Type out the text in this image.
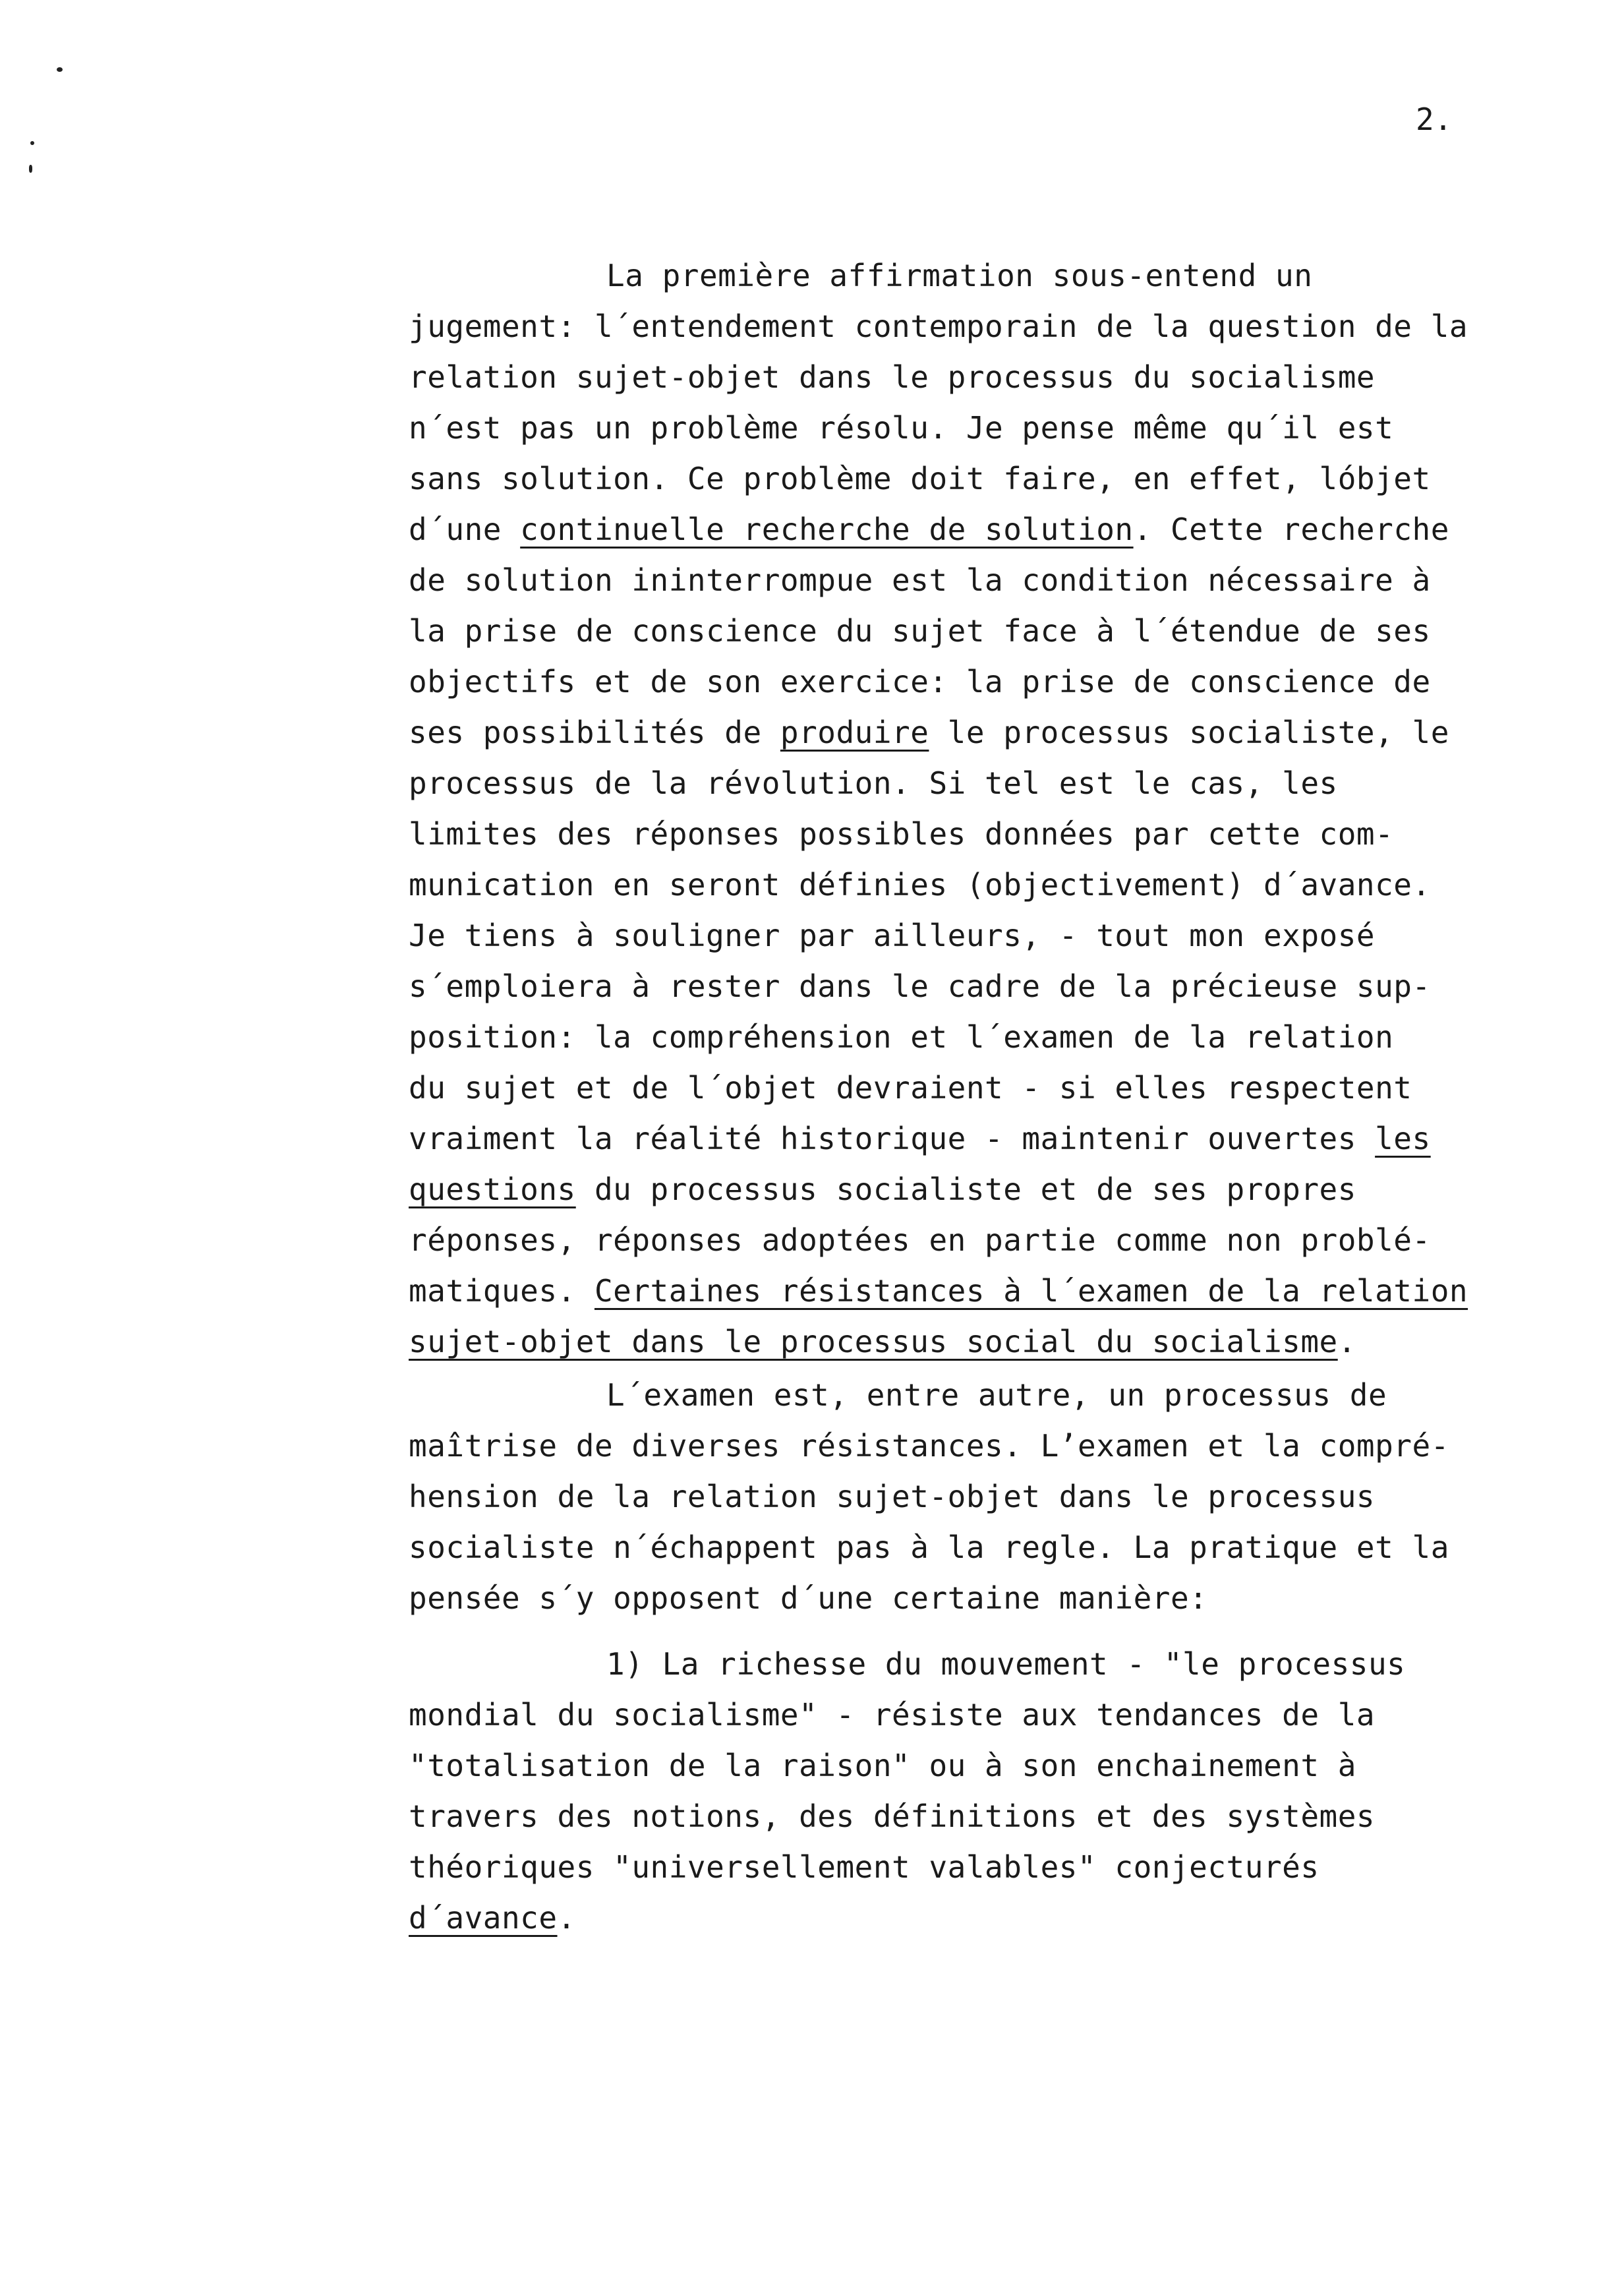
2.
La première affirmation sous-entend un
jugement: l´entendement contemporain de la question de la
relation sujet-objet dans le processus du socialisme
n´est pas un problème résolu. Je pense même qu´il est
sans solution. Ce problème doit faire, en effet, lóbjet
d´une continuelle recherche de solution. Cette recherche
de solution ininterrompue est la condition nécessaire à
la prise de conscience du sujet face à l´étendue de ses
objectifs et de son exercice: la prise de conscience de
ses possibilités de produire le processus socialiste, le
processus de la révolution. Si tel est le cas, les
limites des réponses possibles données par cette com-
munication en seront définies (objectivement) d´avance.
Je tiens à souligner par ailleurs, - tout mon exposé
s´emploiera à rester dans le cadre de la précieuse sup-
position: la compréhension et l´examen de la relation
du sujet et de l´objet devraient - si elles respectent
vraiment la réalité historique - maintenir ouvertes les
questions du processus socialiste et de ses propres
réponses, réponses adoptées en partie comme non problé-
matiques. Certaines résistances à l´examen de la relation
sujet-objet dans le processus social du socialisme.
L´examen est, entre autre, un processus de
maîtrise de diverses résistances. L’examen et la compré-
hension de la relation sujet-objet dans le processus
socialiste n´échappent pas à la regle. La pratique et la
pensée s´y opposent d´une certaine manière:
1) La richesse du mouvement - "le processus
mondial du socialisme" - résiste aux tendances de la
"totalisation de la raison" ou à son enchainement à
travers des notions, des définitions et des systèmes
théoriques "universellement valables" conjecturés
d´avance.
